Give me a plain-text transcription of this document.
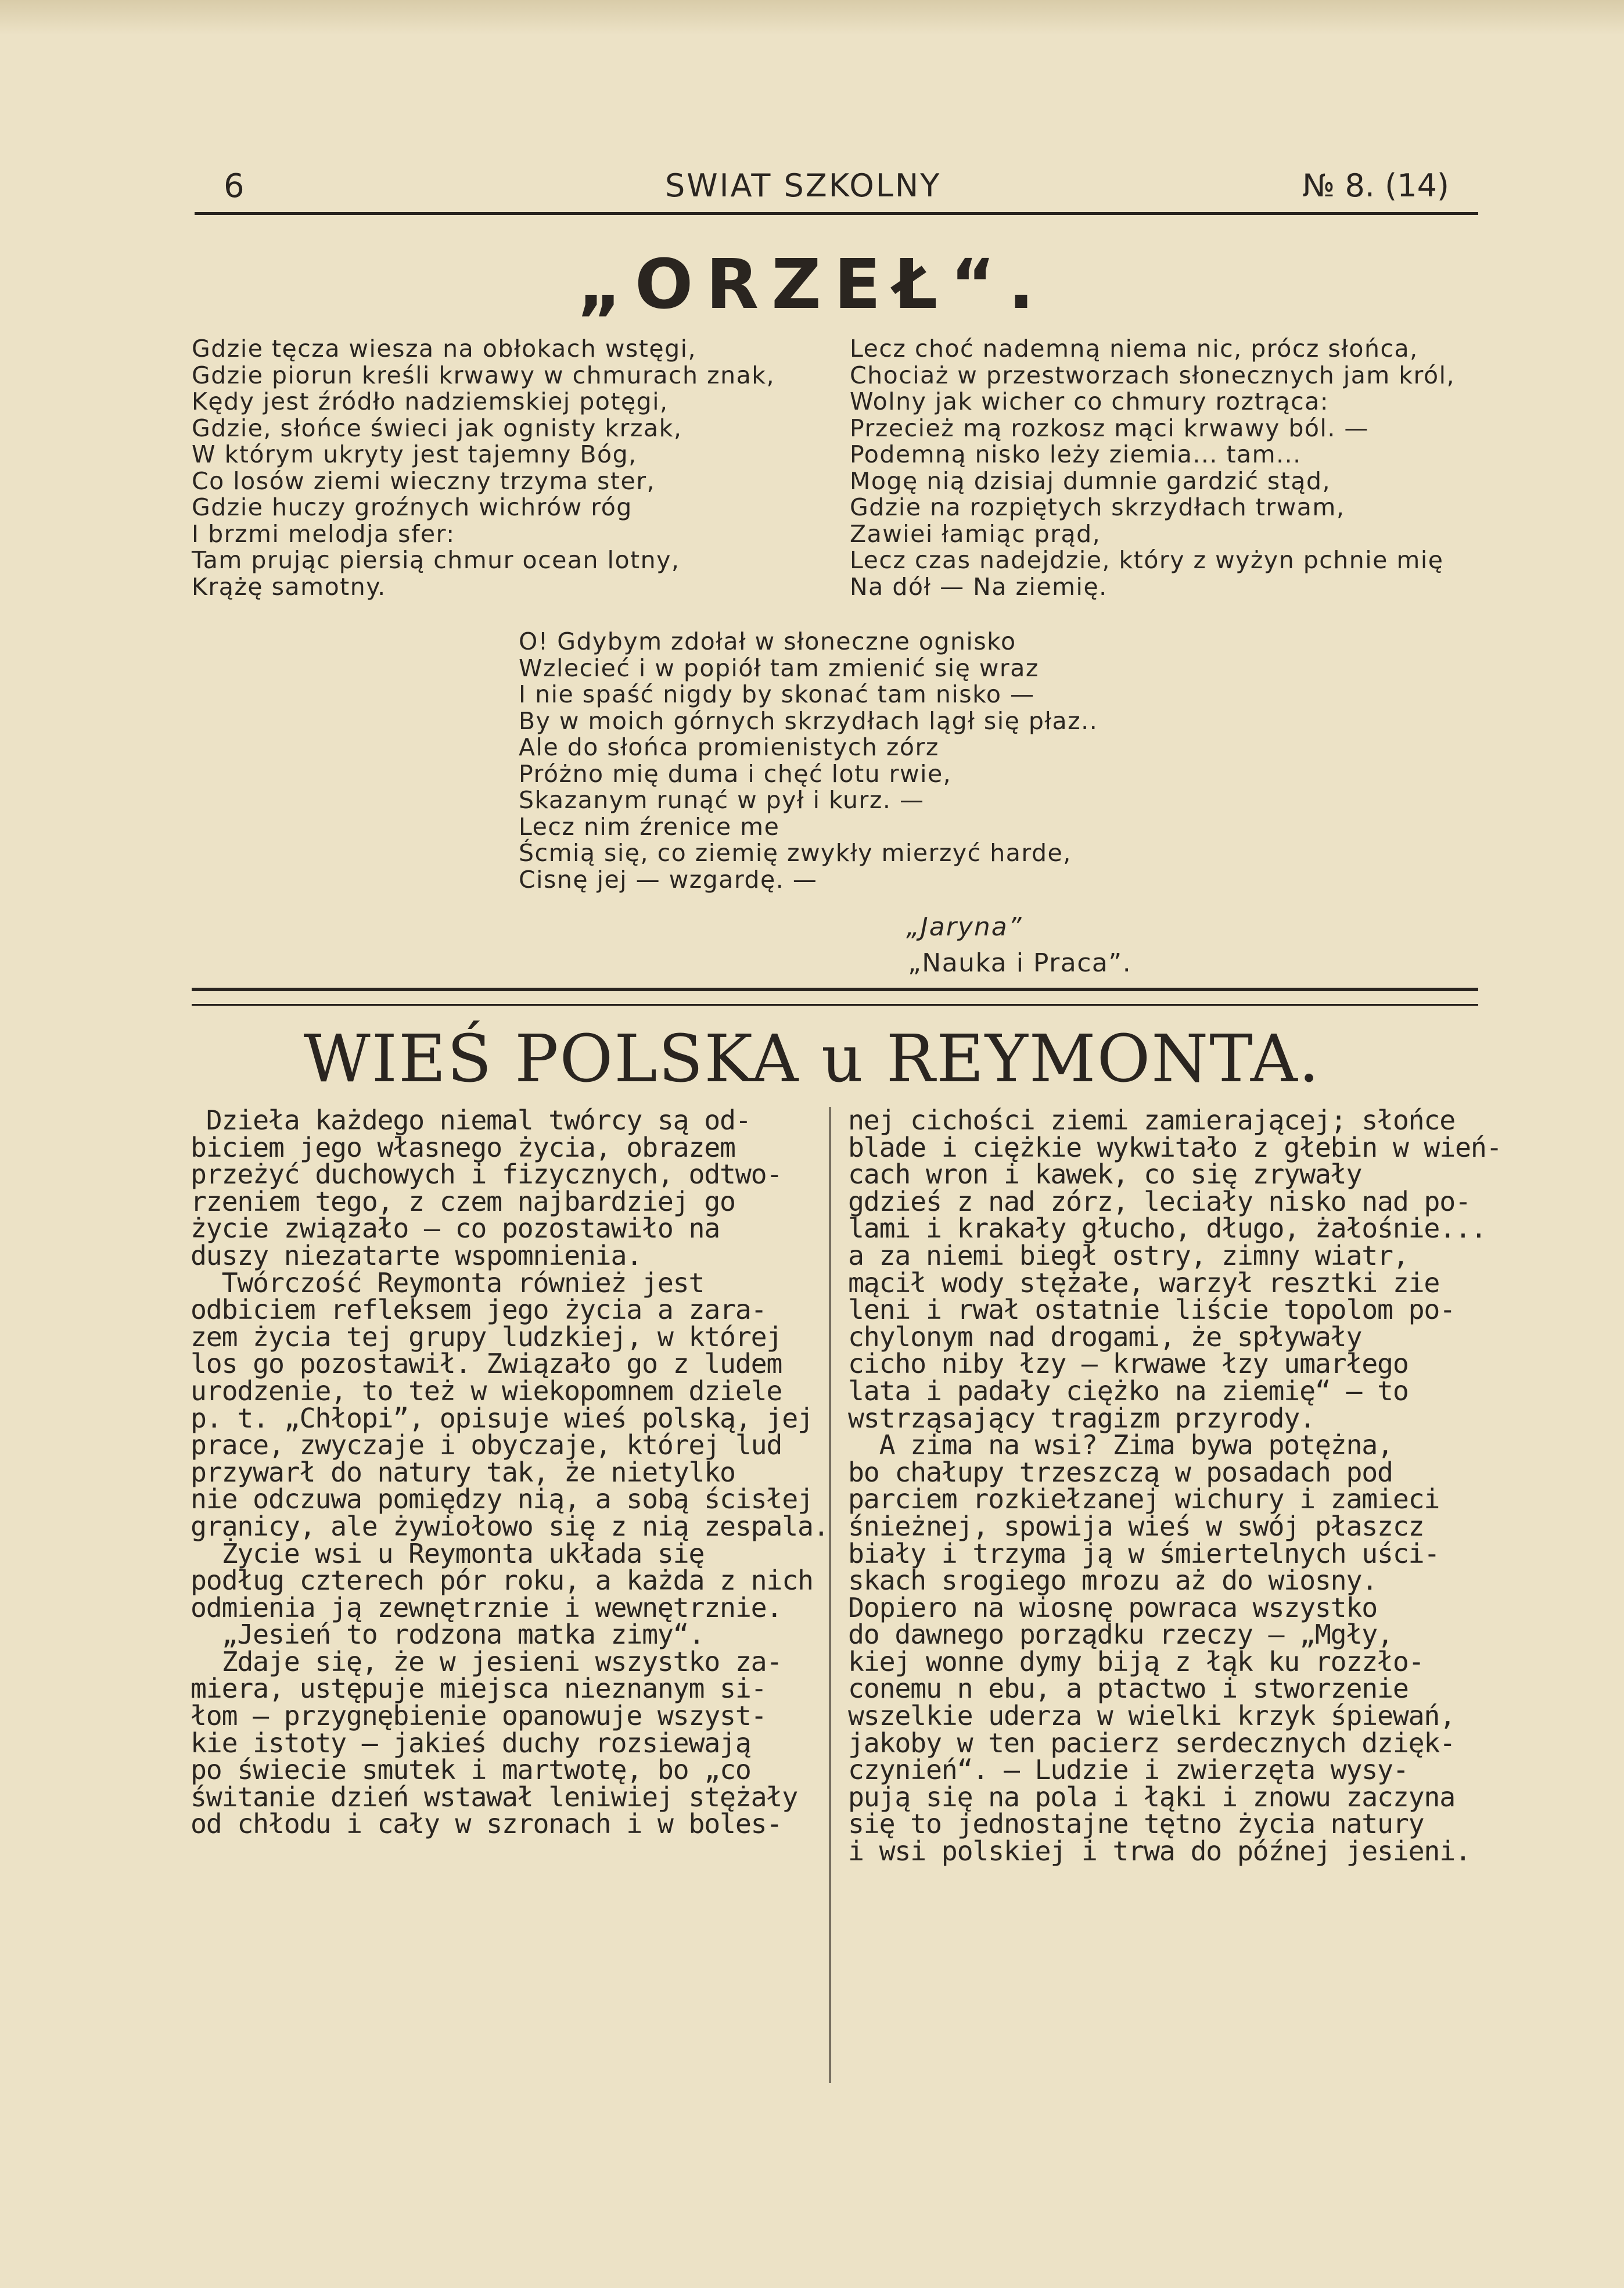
6	SWIAT SZKOLNY	№ 8. (14)
„ORZEŁ“.
Gdzie tęcza wiesza na obłokach wstęgi,
Gdzie piorun kreśli krwawy w chmurach znak,
Kędy jest źródło nadziemskiej potęgi,
Gdzie, słońce świeci jak ognisty krzak,
W którym ukryty jest tajemny Bóg,
Co losów ziemi wieczny trzyma ster,
Gdzie huczy groźnych wichrów róg
I brzmi melodja sfer:
Tam prując piersią chmur ocean lotny,
Krążę samotny.
Lecz choć nademną niema nic, prócz słońca,
Chociaż w przestworzach słonecznych jam król,
Wolny jak wicher co chmury roztrąca:
Przecież mą rozkosz mąci krwawy ból. —
Podemną nisko leży ziemia... tam...
Mogę nią dzisiaj dumnie gardzić stąd,
Gdzie na rozpiętych skrzydłach trwam,
Zawiei łamiąc prąd,
Lecz czas nadejdzie, który z wyżyn pchnie mię
Na dół — Na ziemię.
O! Gdybym zdołał w słoneczne ognisko
Wzlecieć i w popiół tam zmienić się wraz
I nie spaść nigdy by skonać tam nisko —
By w moich górnych skrzydłach lągł się płaz..
Ale do słońca promienistych zórz
Próżno mię duma i chęć lotu rwie,
Skazanym runąć w pył i kurz. —
Lecz nim źrenice me
Ścmią się, co ziemię zwykły mierzyć harde,
Cisnę jej — wzgardę. —
„Jaryna”
„Nauka i Praca”.
WIEŚ POLSKA u REYMONTA.
Dzieła każdego niemal twórcy są od-
biciem jego własnego życia, obrazem
przeżyć duchowych i fizycznych, odtwo-
rzeniem tego, z czem najbardziej go
życie związało — co pozostawiło na
duszy niezatarte wspomnienia.
Twórczość Reymonta również jest
odbiciem refleksem jego życia a zara-
zem życia tej grupy ludzkiej, w której
los go pozostawił. Związało go z ludem
urodzenie, to też w wiekopomnem dziele
p. t. „Chłopi”, opisuje wieś polską, jej
prace, zwyczaje i obyczaje, której lud
przywarł do natury tak, że nietylko
nie odczuwa pomiędzy nią, a sobą ścisłej
granicy, ale żywiołowo się z nią zespala.
Życie wsi u Reymonta układa się
podług czterech pór roku, a każda z nich
odmienia ją zewnętrznie i wewnętrznie.
„Jesień to rodzona matka zimy“.
Zdaje się, że w jesieni wszystko za-
miera, ustępuje miejsca nieznanym si-
łom — przygnębienie opanowuje wszyst-
kie istoty — jakieś duchy rozsiewają
po świecie smutek i martwotę, bo „co
świtanie dzień wstawał leniwiej stężały
od chłodu i cały w szronach i w boles-
nej cichości ziemi zamierającej; słońce
blade i ciężkie wykwitało z głebin w wień-
cach wron i kawek, co się zrywały
gdzieś z nad zórz, leciały nisko nad po-
lami i krakały głucho, długo, żałośnie...
a za niemi biegł ostry, zimny wiatr,
mącił wody stężałe, warzył resztki zie
leni i rwał ostatnie liście topolom po-
chylonym nad drogami, że spływały
cicho niby łzy — krwawe łzy umarłego
lata i padały ciężko na ziemię“ — to
wstrząsający tragizm przyrody.
A zima na wsi? Zima bywa potężna,
bo chałupy trzeszczą w posadach pod
parciem rozkiełzanej wichury i zamieci
śnieżnej, spowija wieś w swój płaszcz
biały i trzyma ją w śmiertelnych uści-
skach srogiego mrozu aż do wiosny.
Dopiero na wiosnę powraca wszystko
do dawnego porządku rzeczy — „Mgły,
kiej wonne dymy biją z łąk ku rozzło-
conemu n ebu, a ptactwo i stworzenie
wszelkie uderza w wielki krzyk śpiewań,
jakoby w ten pacierz serdecznych dzięk-
czynień“. — Ludzie i zwierzęta wysy-
pują się na pola i łąki i znowu zaczyna
się to jednostajne tętno życia natury
i wsi polskiej i trwa do późnej jesieni.
